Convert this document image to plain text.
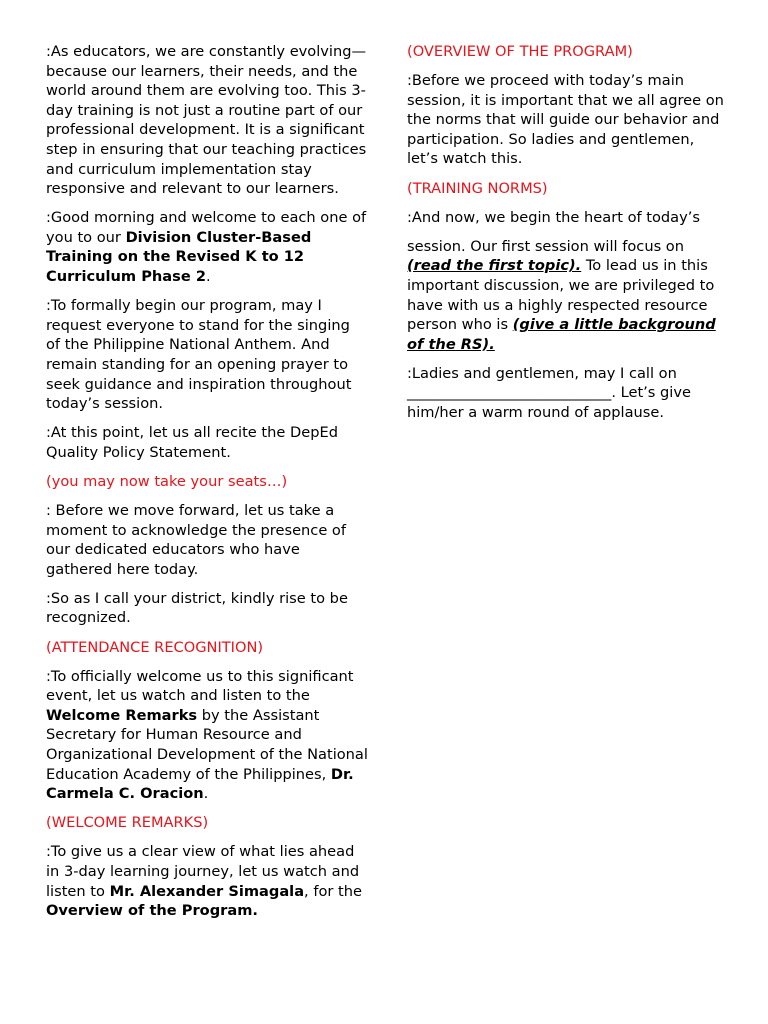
:As educators, we are constantly evolving—because our learners, their needs, and the world around them are evolving too. This 3-day training is not just a routine part of our professional development. It is a significant step in ensuring that our teaching practices and curriculum implementation stay responsive and relevant to our learners.

:Good morning and welcome to each one of you to our Division Cluster-Based Training on the Revised K to 12 Curriculum Phase 2.

:To formally begin our program, may I request everyone to stand for the singing of the Philippine National Anthem. And remain standing for an opening prayer to seek guidance and inspiration throughout today’s session.

:At this point, let us all recite the DepEd Quality Policy Statement.

(you may now take your seats…)

: Before we move forward, let us take a moment to acknowledge the presence of our dedicated educators who have gathered here today.

:So as I call your district, kindly rise to be recognized.

(ATTENDANCE RECOGNITION)

:To officially welcome us to this significant event, let us watch and listen to the Welcome Remarks by the Assistant Secretary for Human Resource and Organizational Development of the National Education Academy of the Philippines, Dr. Carmela C. Oracion.

(WELCOME REMARKS)

:To give us a clear view of what lies ahead in 3-day learning journey, let us watch and listen to Mr. Alexander Simagala, for the Overview of the Program.

(OVERVIEW OF THE PROGRAM)

:Before we proceed with today’s main session, it is important that we all agree on the norms that will guide our behavior and participation. So ladies and gentlemen, let’s watch this.

(TRAINING NORMS)

:And now, we begin the heart of today’s

session. Our first session will focus on (read the first topic). To lead us in this important discussion, we are privileged to have with us a highly respected resource person who is (give a little background of the RS).

:Ladies and gentlemen, may I call on ____________________________. Let’s give him/her a warm round of applause.
